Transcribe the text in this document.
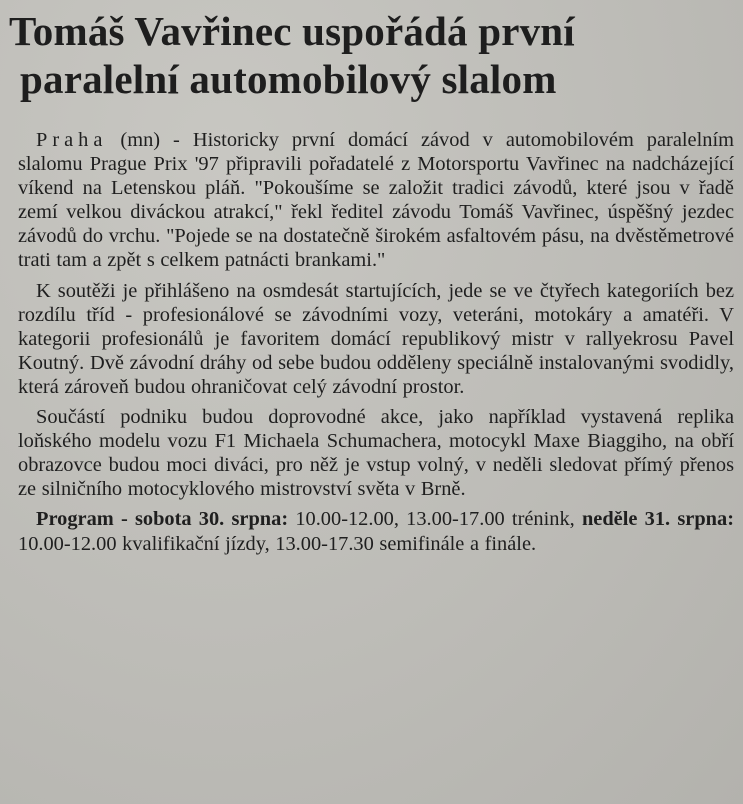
Tomáš Vavřinec uspořádá první
paralelní automobilový slalom

Praha (mn) - Historicky první domácí závod v automobilovém paralelním slalomu Prague Prix '97 připravili pořadatelé z Motorsportu Vavřinec na nadcházející víkend na Letenskou pláň. "Pokoušíme se založit tradici závodů, které jsou v řadě zemí velkou diváckou atrakcí," řekl ředitel závodu Tomáš Vavřinec, úspěšný jezdec závodů do vrchu. "Pojede se na dostatečně širokém asfaltovém pásu, na dvěstěmetrové trati tam a zpět s celkem patnácti brankami."

K soutěži je přihlášeno na osmdesát startujících, jede se ve čtyřech kategoriích bez rozdílu tříd - profesionálové se závodními vozy, veteráni, motokáry a amatéři. V kategorii profesionálů je favoritem domácí republikový mistr v rallyekrosu Pavel Koutný. Dvě závodní dráhy od sebe budou odděleny speciálně instalovanými svodidly, která zároveň budou ohraničovat celý závodní prostor.

Součástí podniku budou doprovodné akce, jako například vystavená replika loňského modelu vozu F1 Michaela Schumachera, motocykl Maxe Biaggiho, na obří obrazovce budou moci diváci, pro něž je vstup volný, v neděli sledovat přímý přenos ze silničního motocyklového mistrovství světa v Brně.

Program - sobota 30. srpna: 10.00-12.00, 13.00-17.00 trénink, neděle 31. srpna: 10.00-12.00 kvalifikační jízdy, 13.00-17.30 semifinále a finále.
